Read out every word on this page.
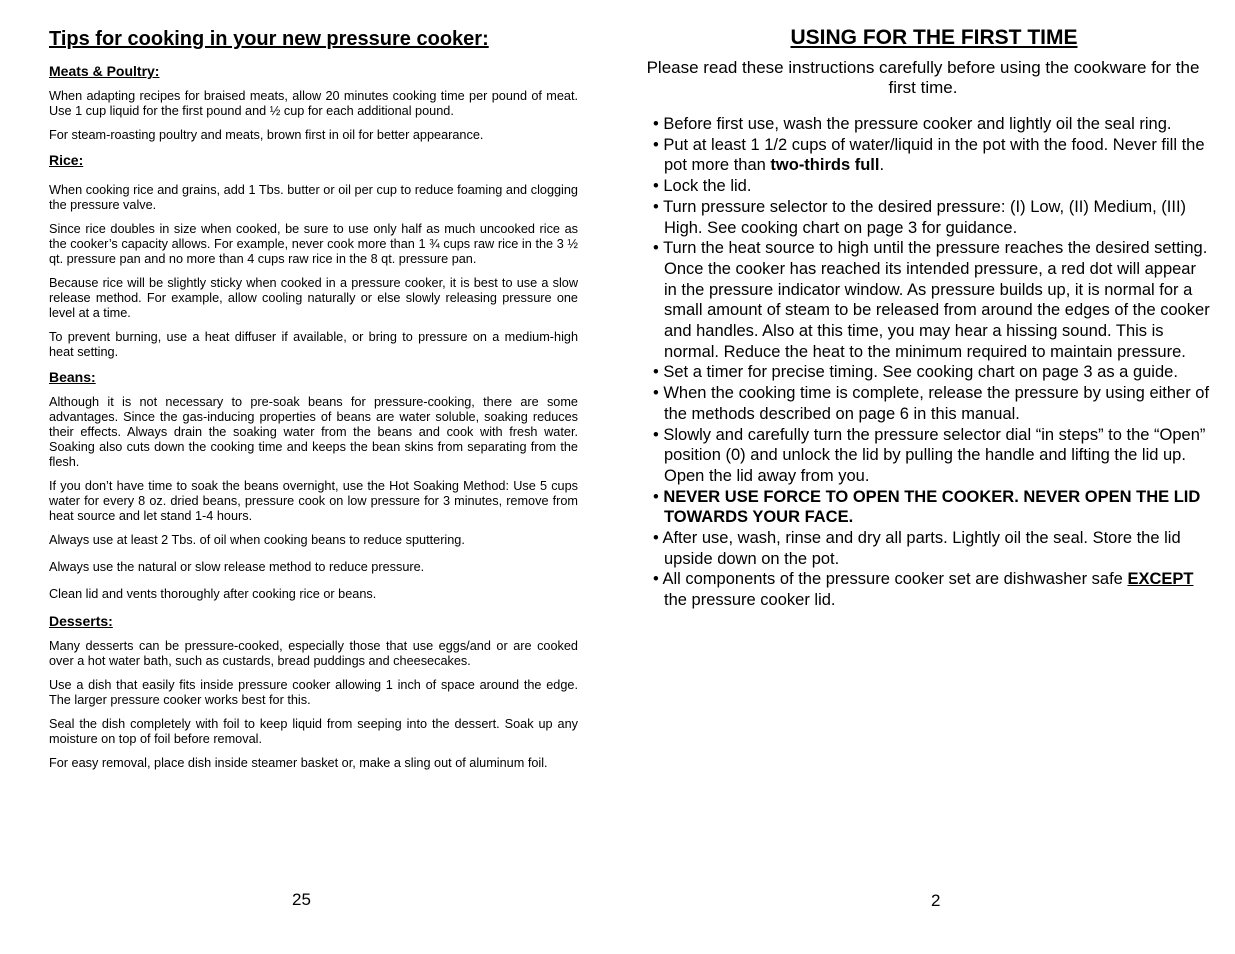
Tips for cooking in your new pressure cooker:
Meats & Poultry:
When adapting recipes for braised meats, allow 20 minutes cooking time per pound of meat. Use 1 cup liquid for the first pound and ½ cup for each additional pound.
For steam-roasting poultry and meats, brown first in oil for better appearance.
Rice:
When cooking rice and grains, add 1 Tbs. butter or oil per cup to reduce foaming and clogging the pressure valve.
Since rice doubles in size when cooked, be sure to use only half as much uncooked rice as the cooker’s capacity allows. For example, never cook more than 1 ¾ cups raw rice in the 3 ½ qt. pressure pan and no more than 4 cups raw rice in the 8 qt. pressure pan.
Because rice will be slightly sticky when cooked in a pressure cooker, it is best to use a slow release method. For example, allow cooling naturally or else slowly releasing pressure one level at a time.
To prevent burning, use a heat diffuser if available, or bring to pressure on a medium-high heat setting.
Beans:
Although it is not necessary to pre-soak beans for pressure-cooking, there are some advantages. Since the gas-inducing properties of beans are water soluble, soaking reduces their effects. Always drain the soaking water from the beans and cook with fresh water. Soaking also cuts down the cooking time and keeps the bean skins from separating from the flesh.
If you don’t have time to soak the beans overnight, use the Hot Soaking Method: Use 5 cups water for every 8 oz. dried beans, pressure cook on low pressure for 3 minutes, remove from heat source and let stand 1-4 hours.
Always use at least 2 Tbs. of oil when cooking beans to reduce sputtering.
Always use the natural or slow release method to reduce pressure.
Clean lid and vents thoroughly after cooking rice or beans.
Desserts:
Many desserts can be pressure-cooked, especially those that use eggs/and or are cooked over a hot water bath, such as custards, bread puddings and cheesecakes.
Use a dish that easily fits inside pressure cooker allowing 1 inch of space around the edge. The larger pressure cooker works best for this.
Seal the dish completely with foil to keep liquid from seeping into the dessert. Soak up any moisture on top of foil before removal.
For easy removal, place dish inside steamer basket or, make a sling out of aluminum foil.
25
USING FOR THE FIRST TIME
Please read these instructions carefully before using the cookware for the first time.
• Before first use, wash the pressure cooker and lightly oil the seal ring.
• Put at least 1 1/2 cups of water/liquid in the pot with the food. Never fill the pot more than two-thirds full.
• Lock the lid.
• Turn pressure selector to the desired pressure: (I) Low, (II) Medium, (III) High. See cooking chart on page 3 for guidance.
• Turn the heat source to high until the pressure reaches the desired setting. Once the cooker has reached its intended pressure, a red dot will appear in the pressure indicator window. As pressure builds up, it is normal for a small amount of steam to be released from around the edges of the cooker and handles. Also at this time, you may hear a hissing sound. This is normal. Reduce the heat to the minimum required to maintain pressure.
• Set a timer for precise timing. See cooking chart on page 3 as a guide.
• When the cooking time is complete, release the pressure by using either of the methods described on page 6 in this manual.
• Slowly and carefully turn the pressure selector dial “in steps” to the “Open” position (0) and unlock the lid by pulling the handle and lifting the lid up. Open the lid away from you.
• NEVER USE FORCE TO OPEN THE COOKER. NEVER OPEN THE LID TOWARDS YOUR FACE.
• After use, wash, rinse and dry all parts. Lightly oil the seal. Store the lid upside down on the pot.
• All components of the pressure cooker set are dishwasher safe EXCEPT the pressure cooker lid.
2
